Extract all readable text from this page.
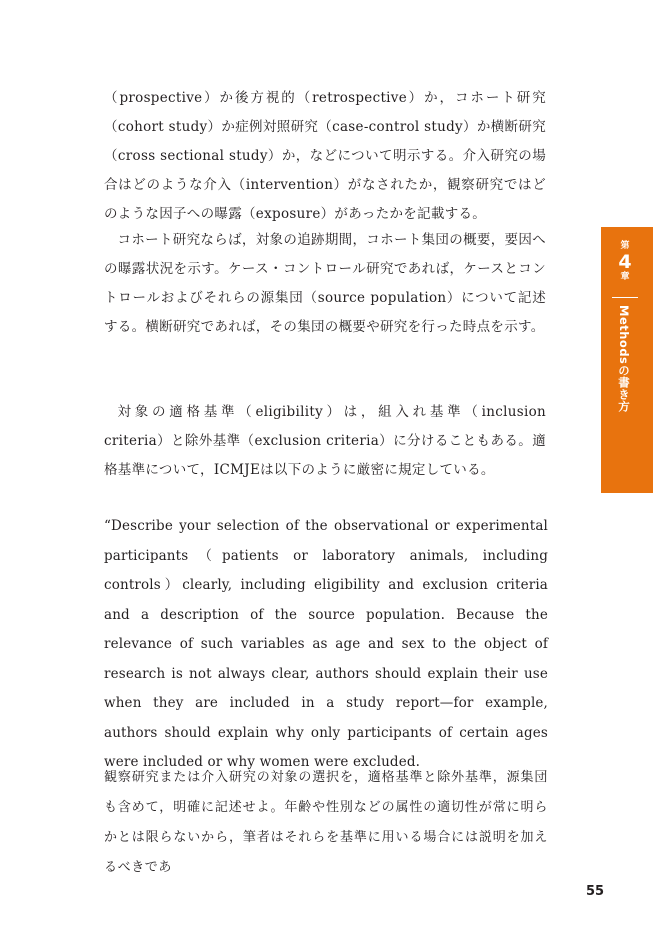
（prospective）か後方視的（retrospective）か，コホート研究（cohort study）か症例対照研究（case-control study）か横断研究（cross sectional study）か，などについて明示する。介入研究の場合はどのような介入（intervention）がなされたか，観察研究ではどのような因子への曝露（exposure）があったかを記載する。

コホート研究ならば，対象の追跡期間，コホート集団の概要，要因への曝露状況を示す。ケース・コントロール研究であれば，ケースとコントロールおよびそれらの源集団（source population）について記述する。横断研究であれば，その集団の概要や研究を行った時点を示す。

対象の適格基準（eligibility）は，組入れ基準（inclusion criteria）と除外基準（exclusion criteria）に分けることもある。適格基準について，ICMJEは以下のように厳密に規定している。

“Describe your selection of the observational or experimental participants（patients or laboratory animals, including controls）clearly, including eligibility and exclusion criteria and a description of the source population. Because the relevance of such variables as age and sex to the object of research is not always clear, authors should explain their use when they are included in a study report—for example, authors should explain why only participants of certain ages were included or why women were excluded.

観察研究または介入研究の対象の選択を，適格基準と除外基準，源集団も含めて，明確に記述せよ。年齢や性別などの属性の適切性が常に明らかとは限らないから，筆者はそれらを基準に用いる場合には説明を加えるべきであ

第
4
章
Methodsの書き方
55
